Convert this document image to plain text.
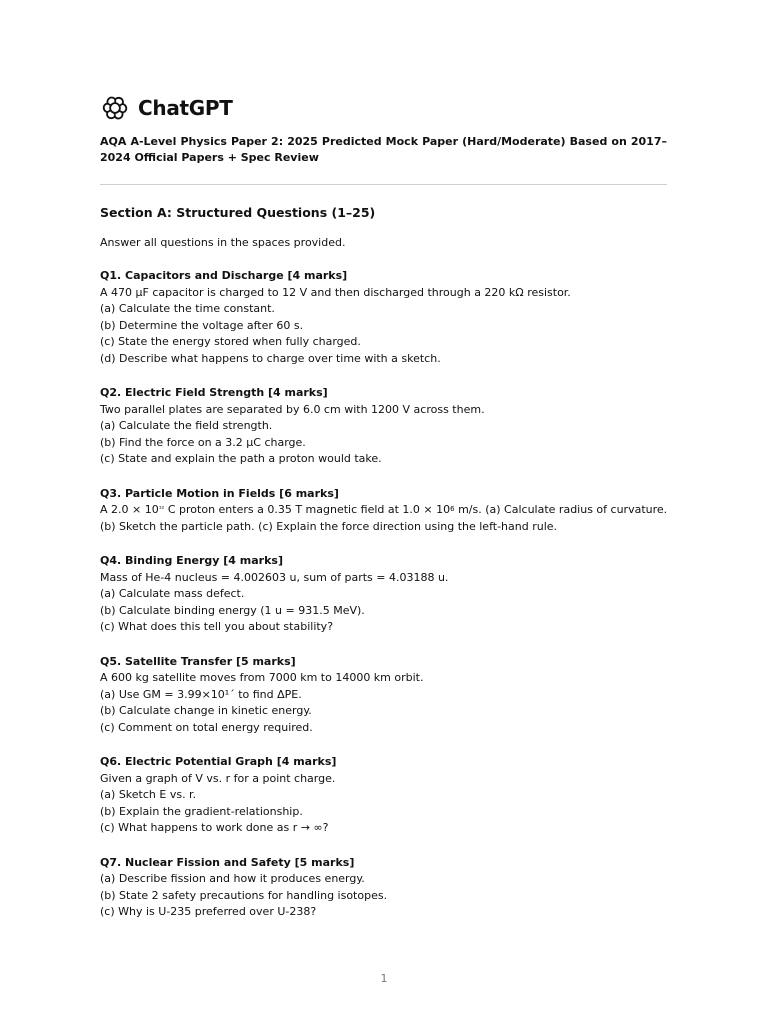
ChatGPT
AQA A-Level Physics Paper 2: 2025 Predicted Mock Paper (Hard/Moderate) Based on 2017–2024 Official Papers + Spec Review
Section A: Structured Questions (1–25)
Answer all questions in the spaces provided.
Q1. Capacitors and Discharge [4 marks]
A 470 μF capacitor is charged to 12 V and then discharged through a 220 kΩ resistor.
(a) Calculate the time constant.
(b) Determine the voltage after 60 s.
(c) State the energy stored when fully charged.
(d) Describe what happens to charge over time with a sketch.
Q2. Electric Field Strength [4 marks]
Two parallel plates are separated by 6.0 cm with 1200 V across them.
(a) Calculate the field strength.
(b) Find the force on a 3.2 μC charge.
(c) State and explain the path a proton would take.
Q3. Particle Motion in Fields [6 marks]
A $2.0 \times 10^{^{12}}$ C proton enters a 0.35 T magnetic field at $1.0 \times 10^6$ m/s. (a) Calculate radius of curvature.
(b) Sketch the particle path. (c) Explain the force direction using the left-hand rule.
Q4. Binding Energy [4 marks]
Mass of He-4 nucleus = 4.002603 u, sum of parts = 4.03188 u.
(a) Calculate mass defect.
(b) Calculate binding energy (1 u = 931.5 MeV).
(c) What does this tell you about stability?
Q5. Satellite Transfer [5 marks]
A 600 kg satellite moves from 7000 km to 14000 km orbit.
(a) Use GM = 3.99×10¹´ to find ΔPE.
(b) Calculate change in kinetic energy.
(c) Comment on total energy required.
Q6. Electric Potential Graph [4 marks]
Given a graph of V vs. r for a point charge.
(a) Sketch E vs. r.
(b) Explain the gradient-relationship.
(c) What happens to work done as r → ∞?
Q7. Nuclear Fission and Safety [5 marks]
(a) Describe fission and how it produces energy.
(b) State 2 safety precautions for handling isotopes.
(c) Why is U-235 preferred over U-238?
1
